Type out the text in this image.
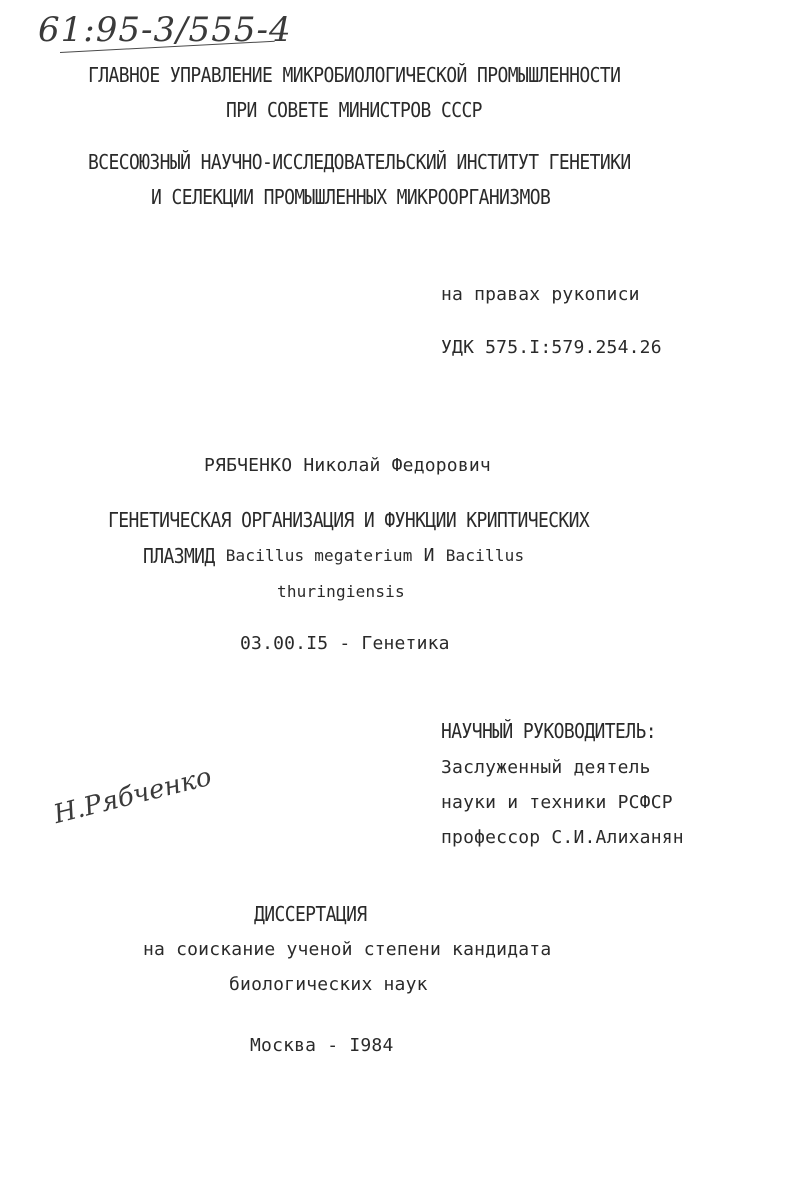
61:95-3/555-4
ГЛАВНОЕ УПРАВЛЕНИЕ МИКРОБИОЛОГИЧЕСКОЙ ПРОМЫШЛЕННОСТИ
ПРИ СОВЕТЕ МИНИСТРОВ СССР
ВСЕСОЮЗНЫЙ НАУЧНО-ИССЛЕДОВАТЕЛЬСКИЙ ИНСТИТУТ ГЕНЕТИКИ
И СЕЛЕКЦИИ ПРОМЫШЛЕННЫХ МИКРООРГАНИЗМОВ
на правах рукописи
УДК 575.I:579.254.26
РЯБЧЕНКО Николай Федорович
ГЕНЕТИЧЕСКАЯ ОРГАНИЗАЦИЯ И ФУНКЦИИ КРИПТИЧЕСКИХ
ПЛАЗМИД Bacillus megaterium И Bacillus
thuringiensis
03.00.I5 - Генетика
НАУЧНЫЙ РУКОВОДИТЕЛЬ:
Заслуженный деятель
науки и техники РСФСР
профессор С.И.Алиханян
Н.Рябченко
ДИССЕРТАЦИЯ
на соискание ученой степени кандидата
биологических наук
Москва - I984
